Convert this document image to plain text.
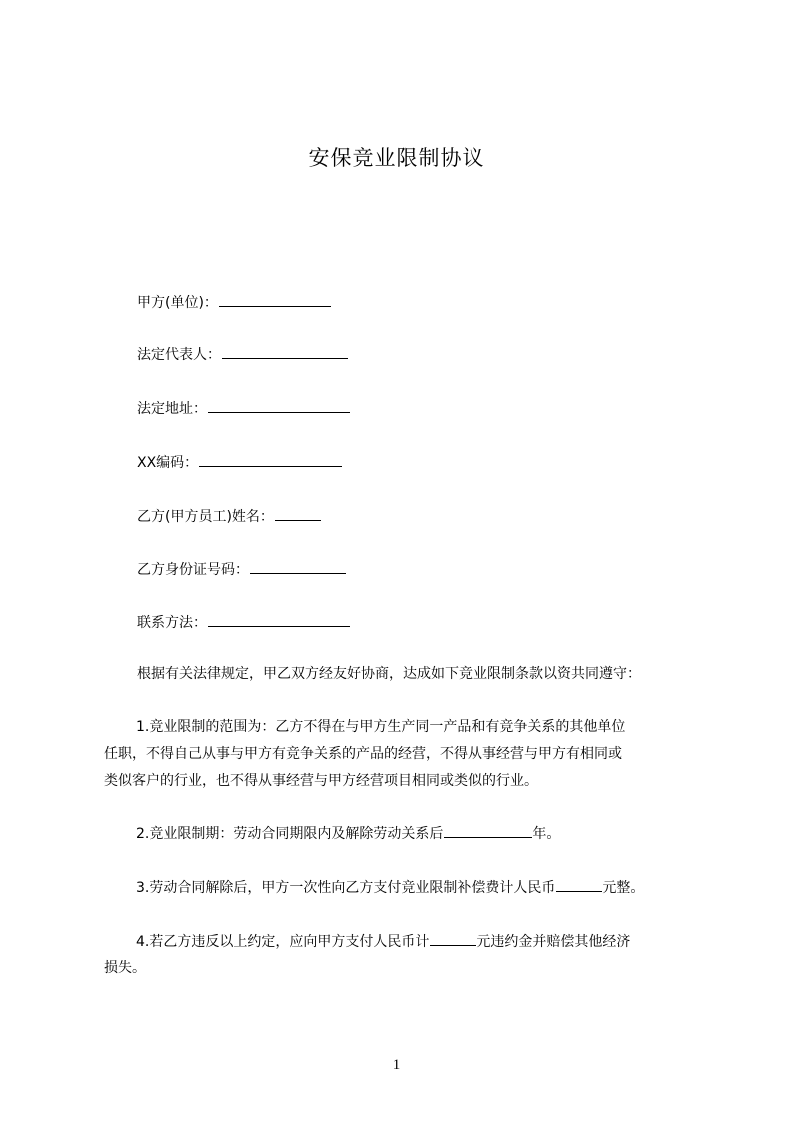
安保竞业限制协议
甲方(单位)：
法定代表人：
法定地址：
XX编码：
乙方(甲方员工)姓名：
乙方身份证号码：
联系方法：
根据有关法律规定，甲乙双方经友好协商，达成如下竞业限制条款以资共同遵守：
1.竞业限制的范围为：乙方不得在与甲方生产同一产品和有竞争关系的其他单位
任职，不得自己从事与甲方有竞争关系的产品的经营，不得从事经营与甲方有相同或
类似客户的行业，也不得从事经营与甲方经营项目相同或类似的行业。
2.竞业限制期：劳动合同期限内及解除劳动关系后	年。
3.劳动合同解除后，甲方一次性向乙方支付竞业限制补偿费计人民币	元整。
4.若乙方违反以上约定，应向甲方支付人民币计	元违约金并赔偿其他经济
损失。
1
